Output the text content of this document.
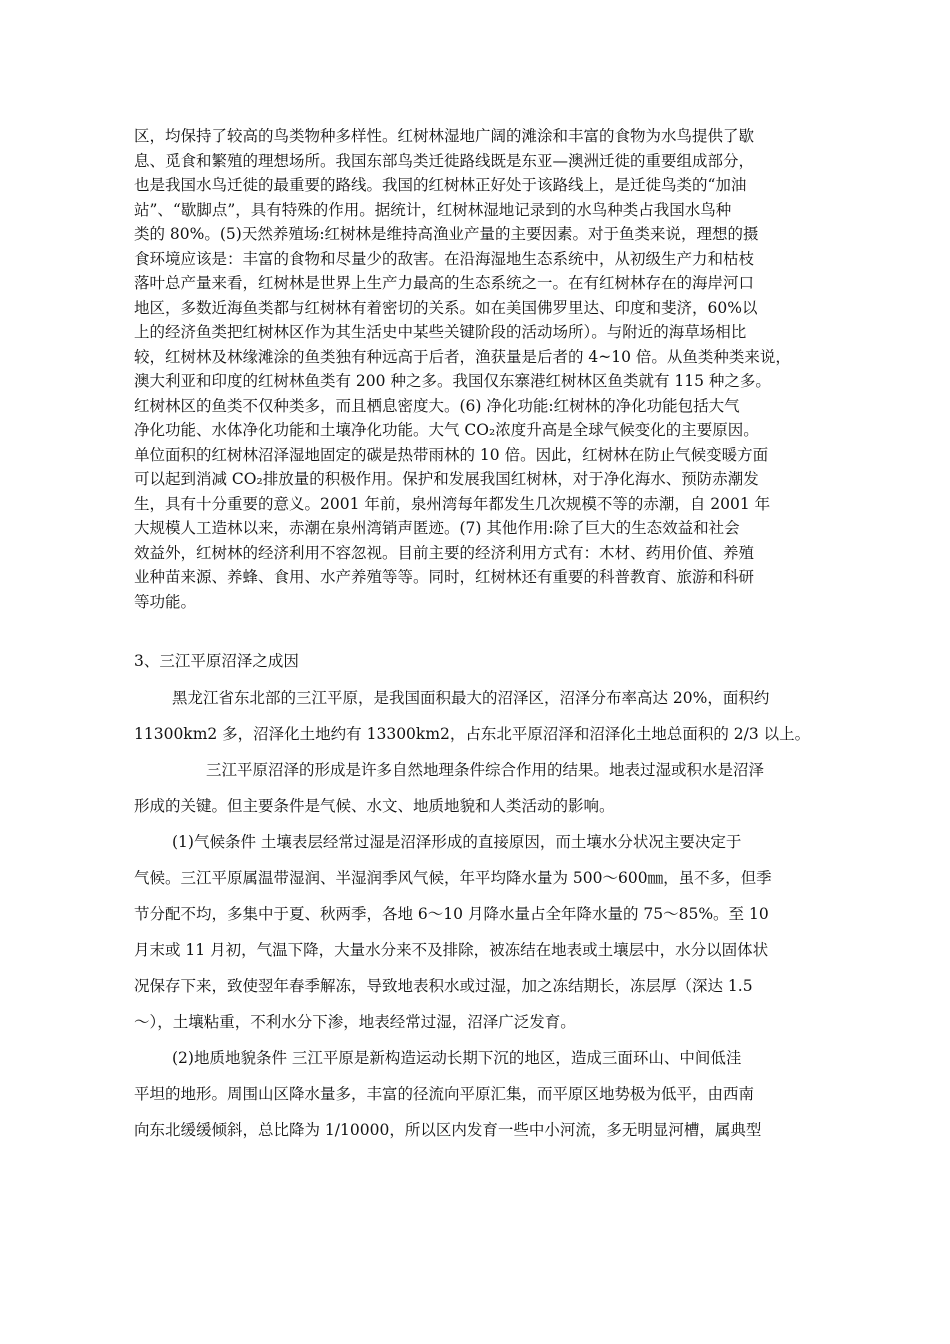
区，均保持了较高的鸟类物种多样性。红树林湿地广阔的滩涂和丰富的食物为水鸟提供了歇
息、觅食和繁殖的理想场所。我国东部鸟类迁徙路线既是东亚—澳洲迁徙的重要组成部分，
也是我国水鸟迁徙的最重要的路线。我国的红树林正好处于该路线上，是迁徙鸟类的“加油
站”、“歇脚点”，具有特殊的作用。据统计，红树林湿地记录到的水鸟种类占我国水鸟种
类的 80%。(5)天然养殖场:红树林是维持高渔业产量的主要因素。对于鱼类来说，理想的摄
食环境应该是：丰富的食物和尽量少的敌害。在沿海湿地生态系统中，从初级生产力和枯枝
落叶总产量来看，红树林是世界上生产力最高的生态系统之一。在有红树林存在的海岸河口
地区，多数近海鱼类都与红树林有着密切的关系。如在美国佛罗里达、印度和斐济，60%以
上的经济鱼类把红树林区作为其生活史中某些关键阶段的活动场所）。与附近的海草场相比
较，红树林及林缘滩涂的鱼类独有种远高于后者，渔获量是后者的 4~10 倍。从鱼类种类来说，
澳大利亚和印度的红树林鱼类有 200 种之多。我国仅东寨港红树林区鱼类就有 115 种之多。
红树林区的鱼类不仅种类多，而且栖息密度大。(6) 净化功能:红树林的净化功能包括大气
净化功能、水体净化功能和土壤净化功能。大气 CO₂浓度升高是全球气候变化的主要原因。
单位面积的红树林沼泽湿地固定的碳是热带雨林的 10 倍。因此，红树林在防止气候变暖方面
可以起到消减 CO₂排放量的积极作用。保护和发展我国红树林，对于净化海水、预防赤潮发
生，具有十分重要的意义。2001 年前，泉州湾每年都发生几次规模不等的赤潮，自 2001 年
大规模人工造林以来，赤潮在泉州湾销声匿迹。(7) 其他作用:除了巨大的生态效益和社会
效益外，红树林的经济利用不容忽视。目前主要的经济利用方式有：木材、药用价值、养殖
业种苗来源、养蜂、食用、水产养殖等等。同时，红树林还有重要的科普教育、旅游和科研
等功能。
3、三江平原沼泽之成因
黑龙江省东北部的三江平原，是我国面积最大的沼泽区，沼泽分布率高达 20%，面积约
11300km2 多，沼泽化土地约有 13300km2，占东北平原沼泽和沼泽化土地总面积的 2/3 以上。
三江平原沼泽的形成是许多自然地理条件综合作用的结果。地表过湿或积水是沼泽
形成的关键。但主要条件是气候、水文、地质地貌和人类活动的影响。
(1)气候条件 土壤表层经常过湿是沼泽形成的直接原因，而土壤水分状况主要决定于
气候。三江平原属温带湿润、半湿润季风气候，年平均降水量为 500～600㎜，虽不多，但季
节分配不均，多集中于夏、秋两季，各地 6～10 月降水量占全年降水量的 75～85%。至 10
月末或 11 月初，气温下降，大量水分来不及排除，被冻结在地表或土壤层中，水分以固体状
况保存下来，致使翌年春季解冻，导致地表积水或过湿，加之冻结期长，冻层厚（深达 1.5
～），土壤粘重，不利水分下渗，地表经常过湿，沼泽广泛发育。
(2)地质地貌条件 三江平原是新构造运动长期下沉的地区，造成三面环山、中间低洼
平坦的地形。周围山区降水量多，丰富的径流向平原汇集，而平原区地势极为低平，由西南
向东北缓缓倾斜，总比降为 1/10000，所以区内发育一些中小河流，多无明显河槽，属典型
